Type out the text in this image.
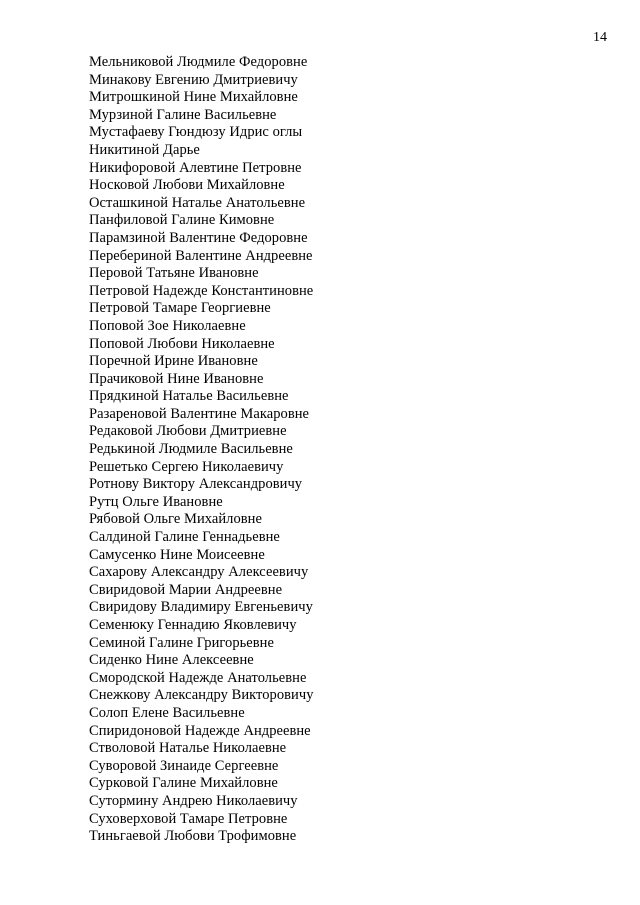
14
Мельниковой Людмиле Федоровне
Минакову Евгению Дмитриевичу
Митрошкиной Нине Михайловне
Мурзиной Галине Васильевне
Мустафаеву Гюндюзу Идрис оглы
Никитиной Дарье
Никифоровой Алевтине Петровне
Носковой Любови Михайловне
Осташкиной Наталье Анатольевне
Панфиловой Галине Кимовне
Парамзиной Валентине Федоровне
Перебериной Валентине Андреевне
Перовой Татьяне Ивановне
Петровой Надежде Константиновне
Петровой Тамаре Георгиевне
Поповой Зое Николаевне
Поповой Любови Николаевне
Поречной Ирине Ивановне
Прачиковой Нине Ивановне
Прядкиной Наталье Васильевне
Разареновой Валентине Макаровне
Редаковой Любови Дмитриевне
Редькиной Людмиле Васильевне
Решетько Сергею Николаевичу
Ротнову Виктору Александровичу
Рутц Ольге Ивановне
Рябовой Ольге Михайловне
Салдиной Галине Геннадьевне
Самусенко Нине Моисеевне
Сахарову Александру Алексеевичу
Свиридовой Марии Андреевне
Свиридову Владимиру Евгеньевичу
Семенюку Геннадию Яковлевичу
Семиной Галине Григорьевне
Сиденко Нине Алексеевне
Смородской Надежде Анатольевне
Снежкову Александру Викторовичу
Солоп Елене Васильевне
Спиридоновой Надежде Андреевне
Стволовой Наталье Николаевне
Суворовой Зинаиде Сергеевне
Сурковой Галине Михайловне
Сутормину Андрею Николаевичу
Суховерховой Тамаре Петровне
Тиньгаевой Любови Трофимовне
